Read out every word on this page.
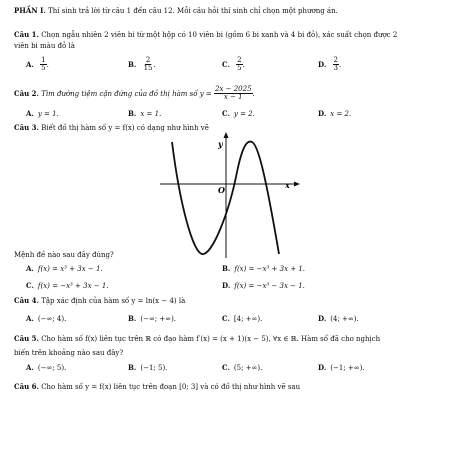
PHẦN I. Thí sinh trả lời từ câu 1 đến câu 12. Mỗi câu hỏi thí sinh chỉ chọn một phương án.
Câu 1. Chọn ngẫu nhiên 2 viên bi từ một hộp có 10 viên bi (gồm 6 bi xanh và 4 bi đỏ), xác suất chọn được 2
viên bi màu đỏ là
A. $\frac{1}{5}$ .	B. $\frac{2}{15}$ .	C. $\frac{2}{5}$ .	D. $\frac{2}{3}$ .
Câu 2. Tìm đường tiệm cận đứng của đồ thị hàm số $y = \frac{2x - 2025}{x - 1}$ .
A. y = 1.	B. x = 1.	C. y = 2.	D. x = 2.
Câu 3. Biết đồ thị hàm số y = f(x) có dạng như hình vẽ
y
x
O
Mệnh đề nào sau đây đúng?
A. f(x) = x³ + 3x − 1.	B. f(x) = −x³ + 3x + 1.
C. f(x) = −x³ + 3x − 1.	D. f(x) = −x³ − 3x − 1.
Câu 4. Tập xác định của hàm số y = ln(x − 4) là
A. (−∞; 4).	B. (−∞; +∞).	C. [4; +∞).	D. (4; +∞).
Câu 5. Cho hàm số f(x) liên tục trên ℝ có đạo hàm f′(x) = (x + 1)(x − 5), ∀x ∈ ℝ. Hàm số đã cho nghịch
biến trên khoảng nào sau đây?
A. (−∞; 5).	B. (−1; 5).	C. (5; +∞).	D. (−1; +∞).
Câu 6. Cho hàm số y = f(x) liên tục trên đoạn [0; 3] và có đồ thị như hình vẽ sau
